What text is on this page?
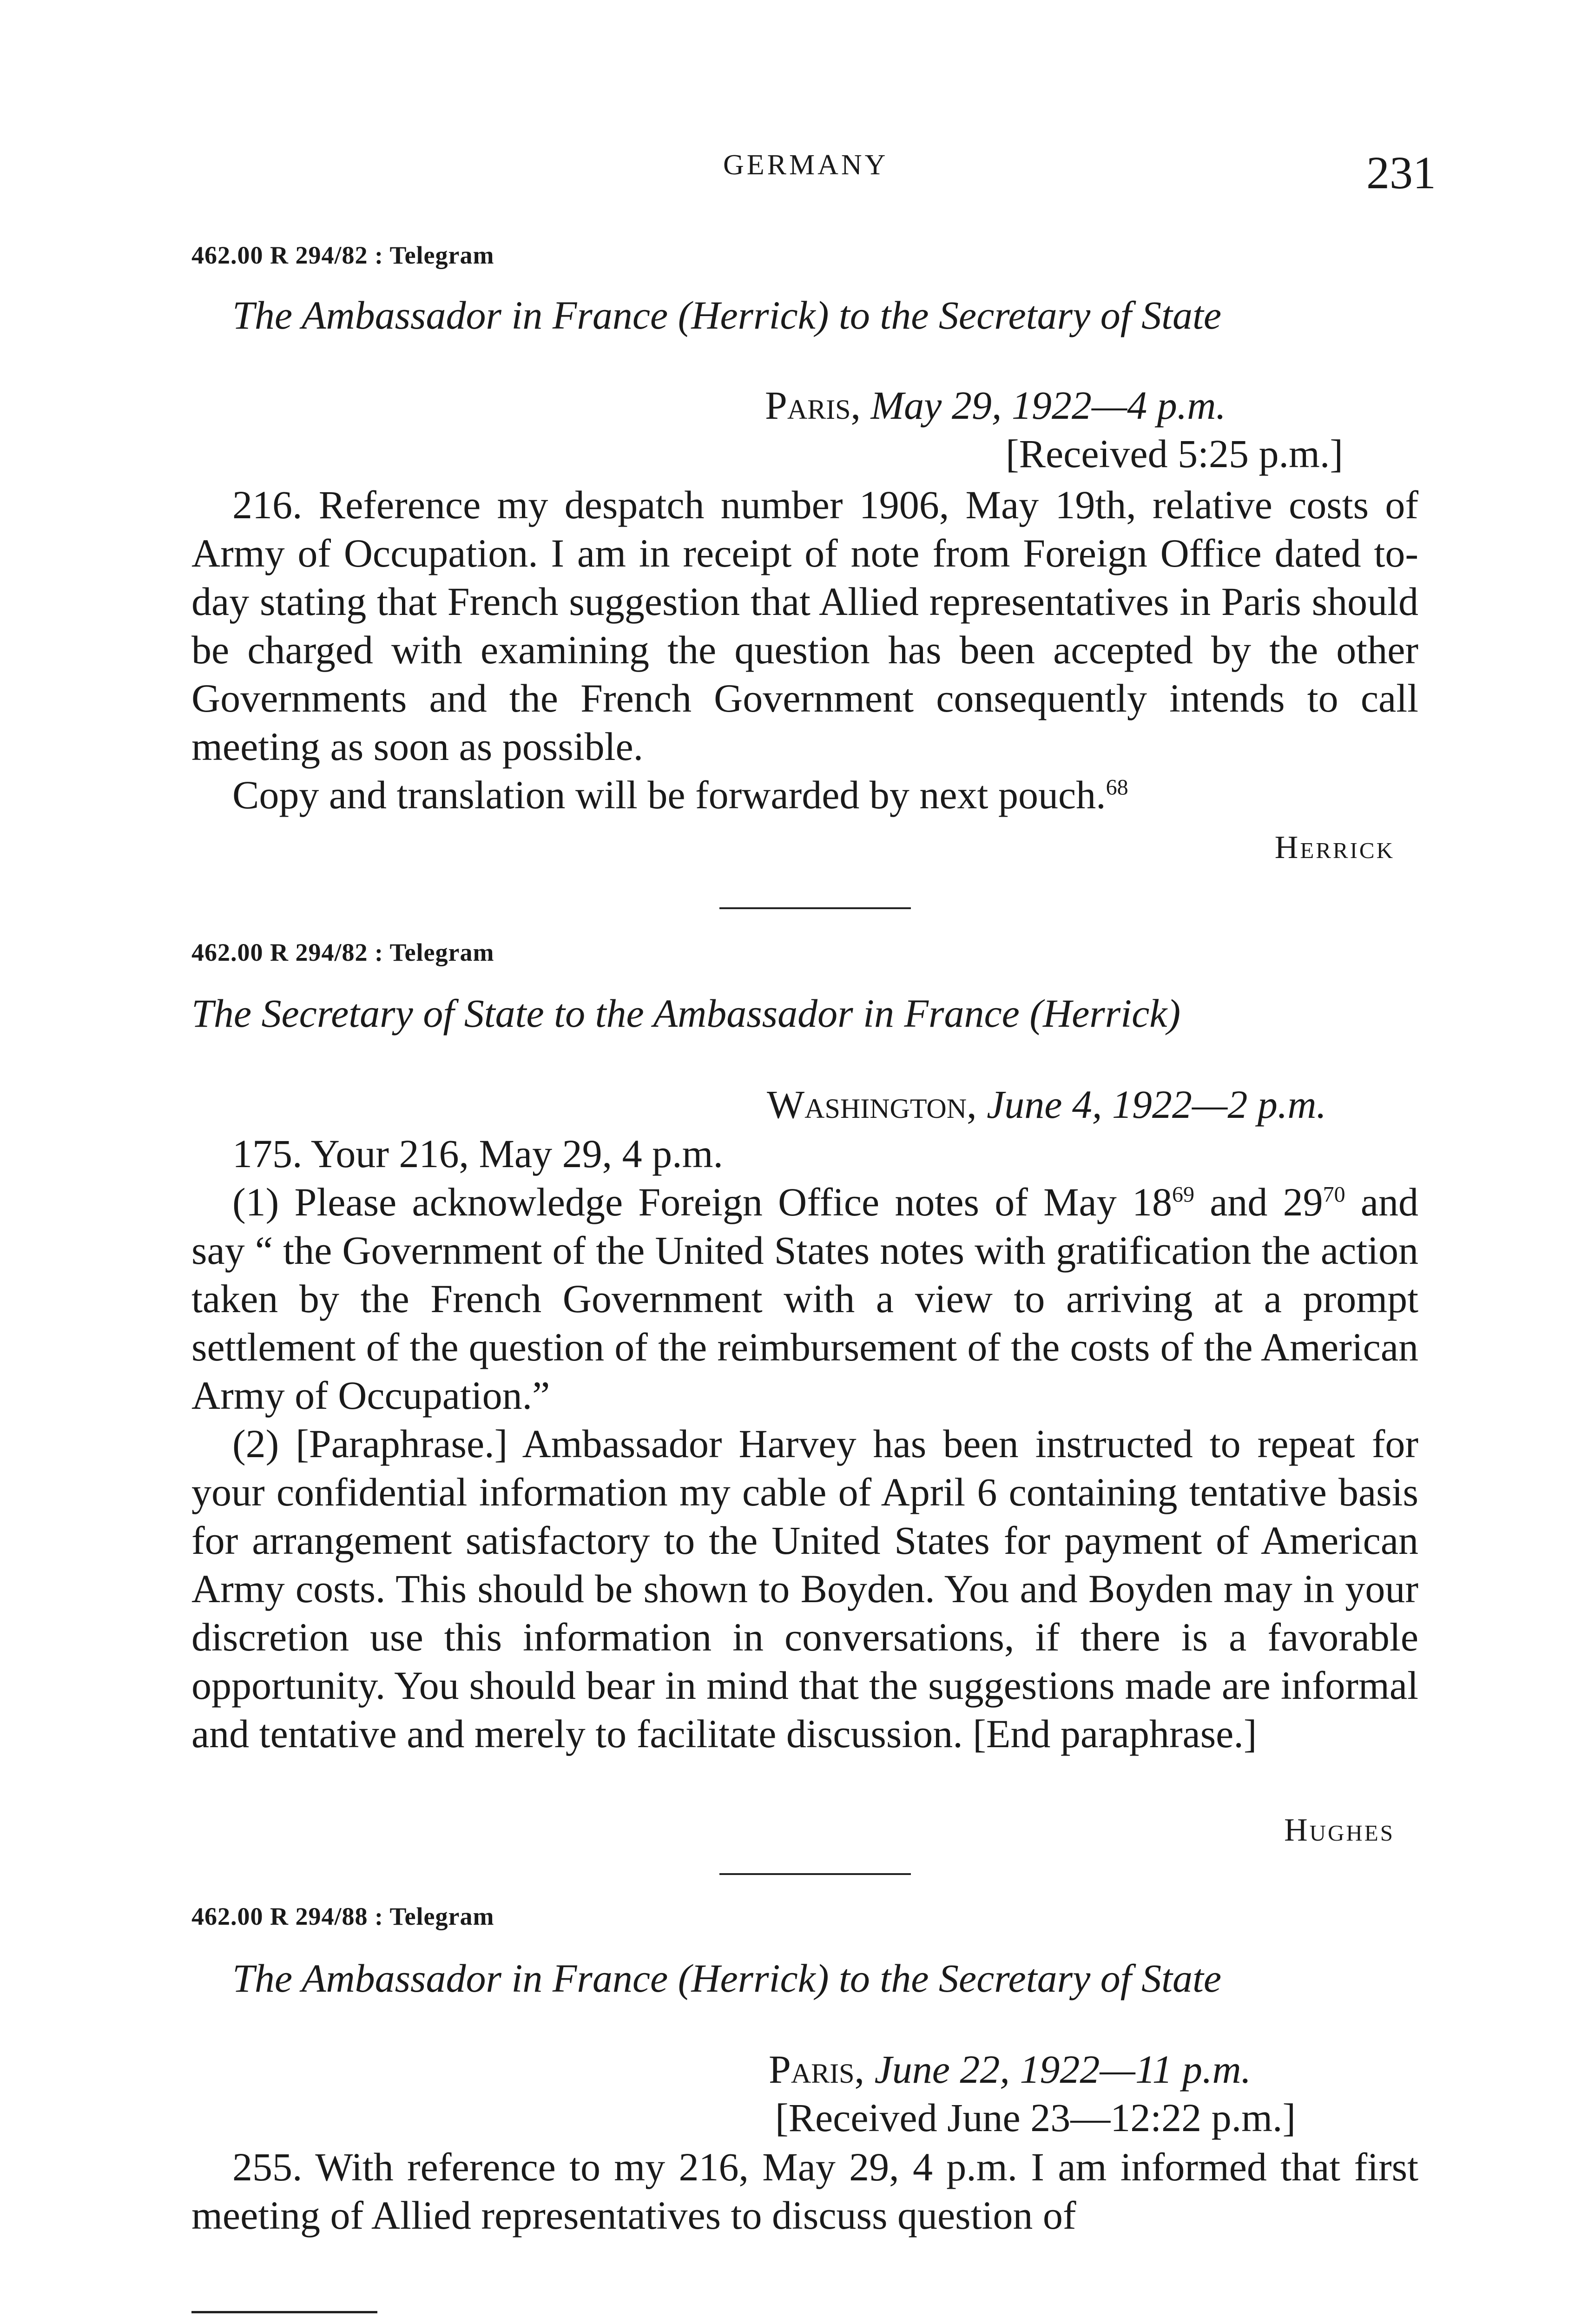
GERMANY	231
462.00 R 294/82 : Telegram
The Ambassador in France (Herrick) to the Secretary of State
Paris, May 29, 1922—4 p.m.
[Received 5:25 p.m.]

216. Reference my despatch number 1906, May 19th, relative costs of Army of Occupation. I am in receipt of note from Foreign Office dated to-day stating that French suggestion that Allied representatives in Paris should be charged with examining the question has been accepted by the other Governments and the French Government consequently intends to call meeting as soon as possible.

Copy and translation will be forwarded by next pouch.$^{68}$

Herrick
462.00 R 294/82 : Telegram
The Secretary of State to the Ambassador in France (Herrick)
Washington, June 4, 1922—2 p.m.

175. Your 216, May 29, 4 p.m.

(1) Please acknowledge Foreign Office notes of May $18^{69}$ and $29^{70}$ and say “ the Government of the United States notes with gratification the action taken by the French Government with a view to arriving at a prompt settlement of the question of the reimbursement of the costs of the American Army of Occupation.”

(2) [Paraphrase.] Ambassador Harvey has been instructed to repeat for your confidential information my cable of April 6 containing tentative basis for arrangement satisfactory to the United States for payment of American Army costs. This should be shown to Boyden. You and Boyden may in your discretion use this information in conversations, if there is a favorable opportunity. You should bear in mind that the suggestions made are informal and tentative and merely to facilitate discussion. [End paraphrase.]

Hughes
462.00 R 294/88 : Telegram
The Ambassador in France (Herrick) to the Secretary of State
Paris, June 22, 1922—11 p.m.
[Received June 23—12:22 p.m.]

255. With reference to my 216, May 29, 4 p.m. I am informed that first meeting of Allied representatives to discuss question of
